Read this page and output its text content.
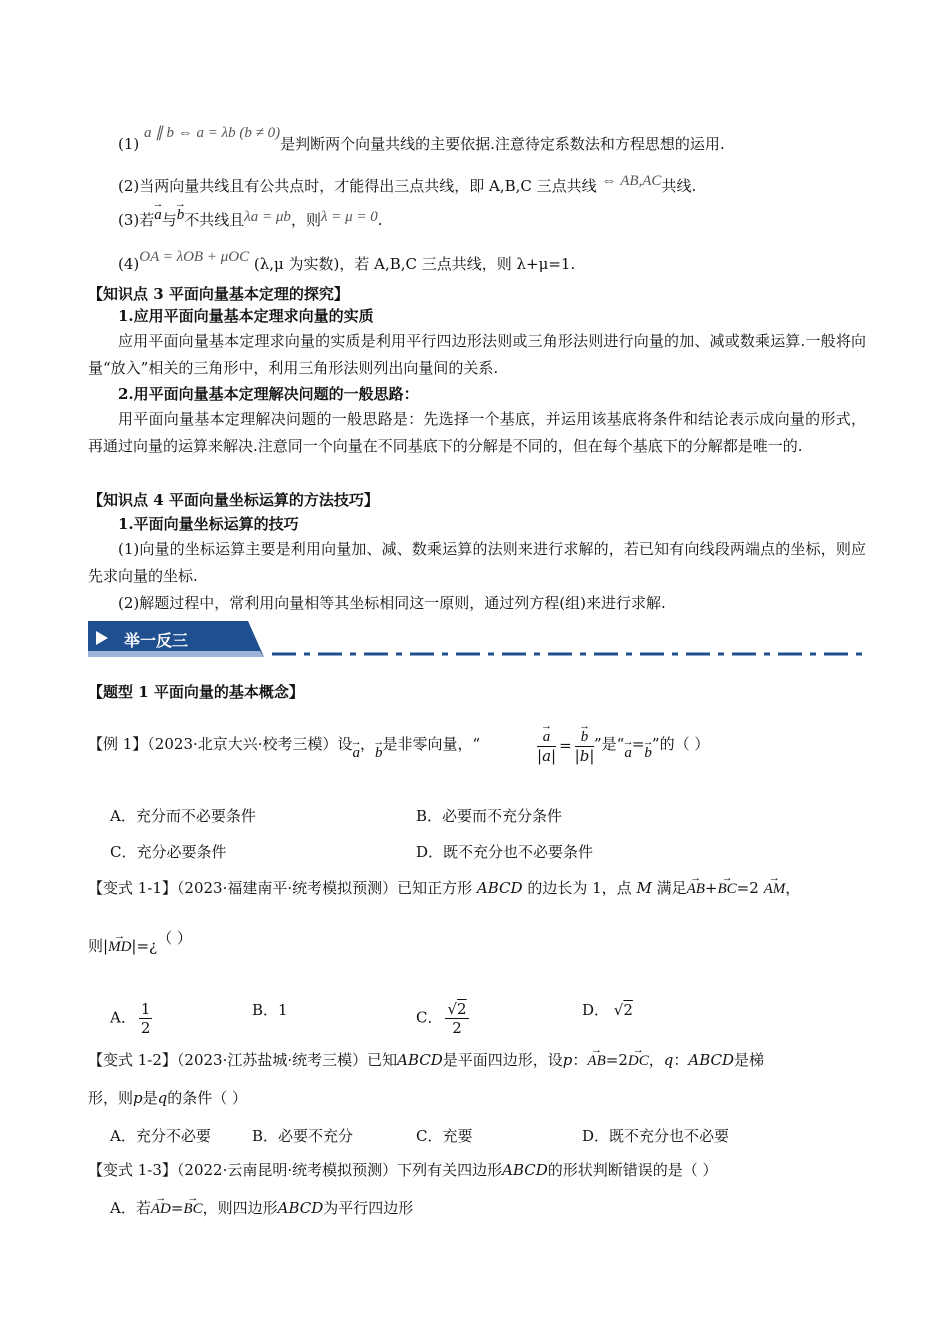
(1) a ∥ b ⇔ a = λb (b ≠ 0)是判断两个向量共线的主要依据.注意待定系数法和方程思想的运用.
(2)当两向量共线且有公共点时，才能得出三点共线，即 A,B,C 三点共线 ⇔ AB,AC共线.
(3)若→ a与→ b不共线且λa = μb，则λ = μ = 0.
(4)OA = λOB + μOC (λ,μ 为实数)，若 A,B,C 三点共线，则 λ+μ=1.
【知识点 3 平面向量基本定理的探究】
1.应用平面向量基本定理求向量的实质
应用平面向量基本定理求向量的实质是利用平行四边形法则或三角形法则进行向量的加、减或数乘运算.一般将向量“放入”相关的三角形中，利用三角形法则列出向量间的关系.
2.用平面向量基本定理解决问题的一般思路：
用平面向量基本定理解决问题的一般思路是：先选择一个基底，并运用该基底将条件和结论表示成向量的形式，再通过向量的运算来解决.注意同一个向量在不同基底下的分解是不同的，但在每个基底下的分解都是唯一的.
【知识点 4 平面向量坐标运算的方法技巧】
1.平面向量坐标运算的技巧
(1)向量的坐标运算主要是利用向量加、减、数乘运算的法则来进行求解的，若已知有向线段两端点的坐标，则应先求向量的坐标.
(2)解题过程中，常利用向量相等其坐标相同这一原则，通过列方程(组)来进行求解.
举一反三
【题型 1 平面向量的基本概念】
【例 1】（2023·北京大兴·校考三模）设→ a，→ b是非零向量，“	→ $\frac{a}{|a|}$ = → $\frac{b}{|b|}$ ”是“→ a=→ b”的（ ）
A．充分而不必要条件	B．必要而不充分条件
C．充分必要条件	D．既不充分也不必要条件
【变式 1-1】（2023·福建南平·统考模拟预测）已知正方形 ABCD 的边长为 1，点 M 满足→ AB+→ BC=2 → AM，
则|→ MD|=¿（ ）
A． $\frac{1}{2}$	B．1	C． $\frac{√2}{2}$	D． √2
【变式 1-2】（2023·江苏盐城·统考三模）已知ABCD是平面四边形，设p：→ AB=2→ DC，q：ABCD是梯
形，则p是q的条件（ ）
A．充分不必要	B．必要不充分	C．充要	D．既不充分也不必要
【变式 1-3】（2022·云南昆明·统考模拟预测）下列有关四边形ABCD的形状判断错误的是（ ）
A．若→ AD=→ BC，则四边形ABCD为平行四边形
